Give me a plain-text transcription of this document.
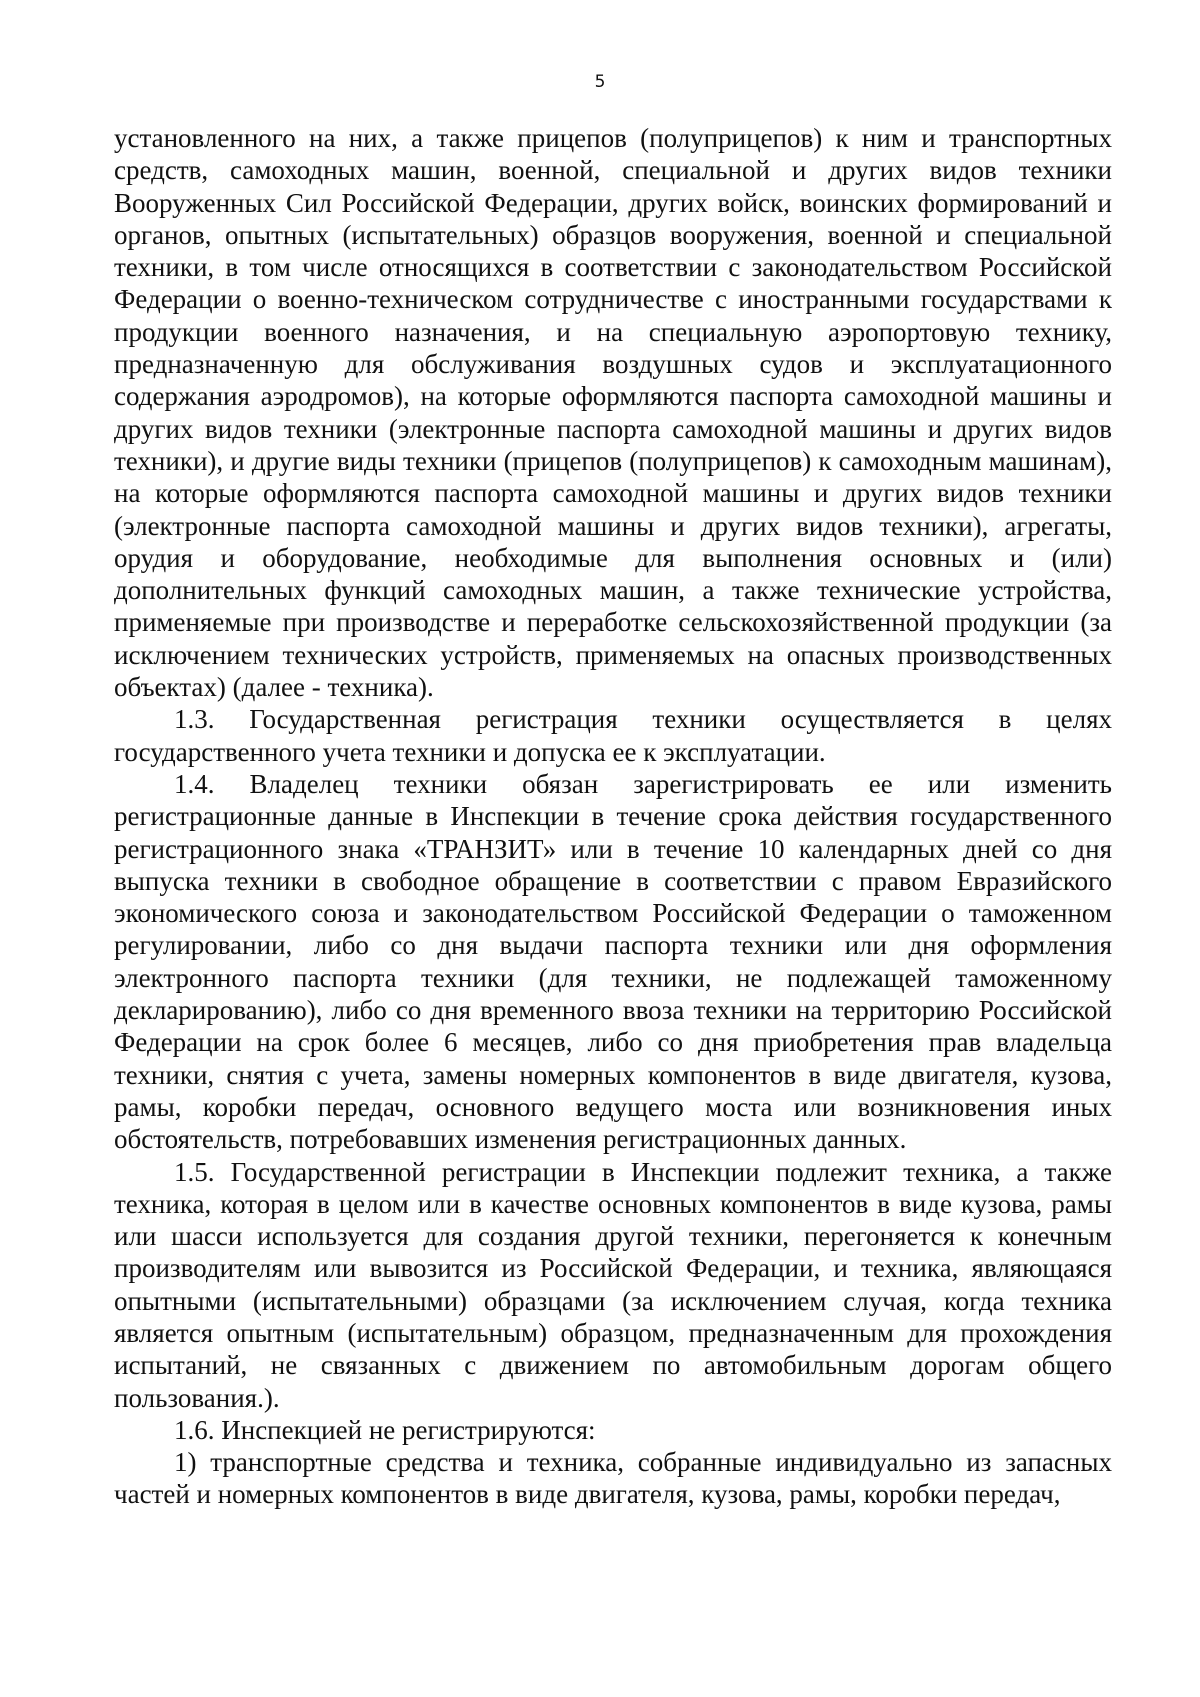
5

установленного на них, а также прицепов (полуприцепов) к ним и транспортных средств, самоходных машин, военной, специальной и других видов техники Вооруженных Сил Российской Федерации, других войск, воинских формирований и органов, опытных (испытательных) образцов вооружения, военной и специальной техники, в том числе относящихся в соответствии с законодательством Российской Федерации о военно-техническом сотрудничестве с иностранными государствами к продукции военного назначения, и на специальную аэропортовую технику, предназначенную для обслуживания воздушных судов и эксплуатационного содержания аэродромов), на которые оформляются паспорта самоходной машины и других видов техники (электронные паспорта самоходной машины и других видов техники), и другие виды техники (прицепов (полуприцепов) к самоходным машинам), на которые оформляются паспорта самоходной машины и других видов техники (электронные паспорта самоходной машины и других видов техники), агрегаты, орудия и оборудование, необходимые для выполнения основных и (или) дополнительных функций самоходных машин, а также технические устройства, применяемые при производстве и переработке сельскохозяйственной продукции (за исключением технических устройств, применяемых на опасных производственных объектах) (далее - техника).

1.3. Государственная регистрация техники осуществляется в целях государственного учета техники и допуска ее к эксплуатации.

1.4. Владелец техники обязан зарегистрировать ее или изменить регистрационные данные в Инспекции в течение срока действия государственного регистрационного знака «ТРАНЗИТ» или в течение 10 календарных дней со дня выпуска техники в свободное обращение в соответствии с правом Евразийского экономического союза и законодательством Российской Федерации о таможенном регулировании, либо со дня выдачи паспорта техники или дня оформления электронного паспорта техники (для техники, не подлежащей таможенному декларированию), либо со дня временного ввоза техники на территорию Российской Федерации на срок более 6 месяцев, либо со дня приобретения прав владельца техники, снятия с учета, замены номерных компонентов в виде двигателя, кузова, рамы, коробки передач, основного ведущего моста или возникновения иных обстоятельств, потребовавших изменения регистрационных данных.

1.5. Государственной регистрации в Инспекции подлежит техника, а также техника, которая в целом или в качестве основных компонентов в виде кузова, рамы или шасси используется для создания другой техники, перегоняется к конечным производителям или вывозится из Российской Федерации, и техника, являющаяся опытными (испытательными) образцами (за исключением случая, когда техника является опытным (испытательным) образцом, предназначенным для прохождения испытаний, не связанных с движением по автомобильным дорогам общего пользования.).

1.6. Инспекцией не регистрируются:

1) транспортные средства и техника, собранные индивидуально из запасных частей и номерных компонентов в виде двигателя, кузова, рамы, коробки передач,
